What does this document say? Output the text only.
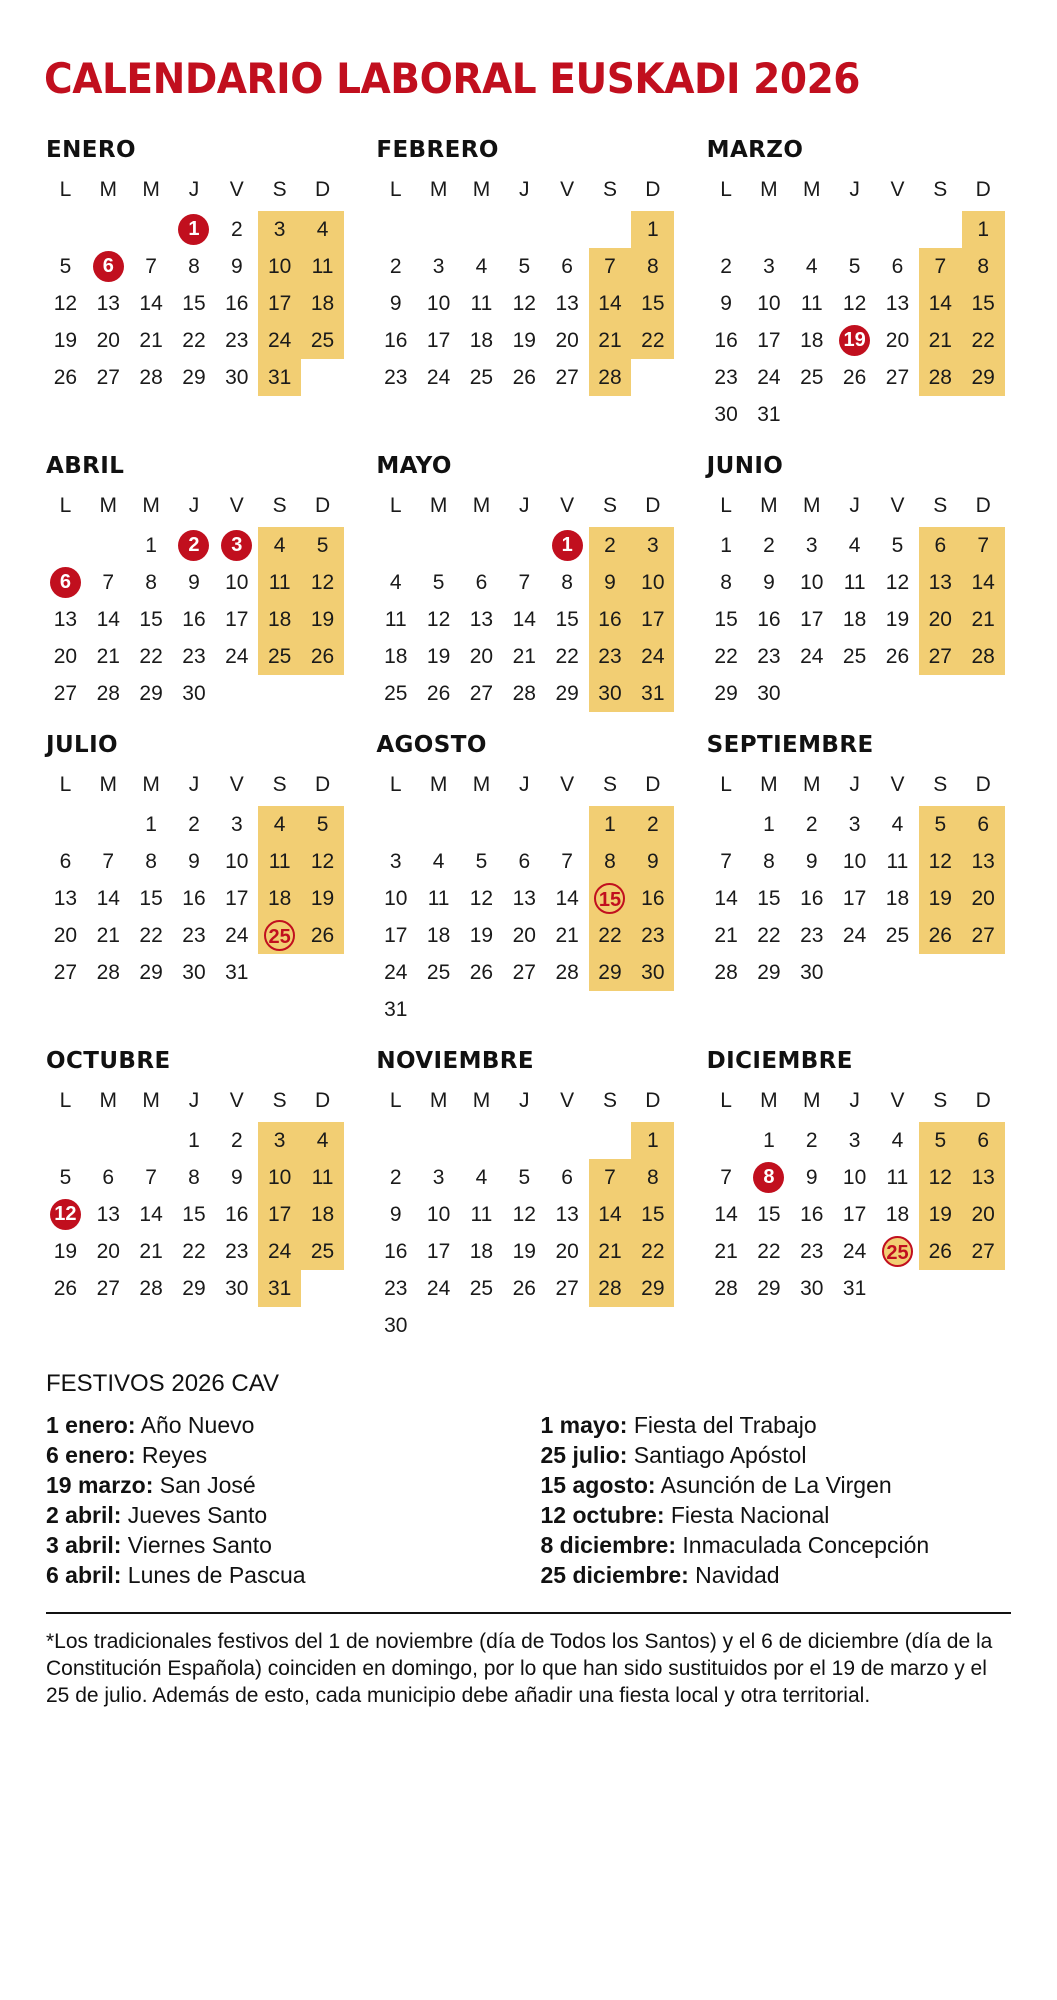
CALENDARIO LABORAL EUSKADI 2026
ENERO
L	M	M	J	V	S	D
			1	2	3	4
5	6	7	8	9	10	11
12	13	14	15	16	17	18
19	20	21	22	23	24	25
26	27	28	29	30	31	
FEBRERO
L	M	M	J	V	S	D
						1
2	3	4	5	6	7	8
9	10	11	12	13	14	15
16	17	18	19	20	21	22
23	24	25	26	27	28	
MARZO
L	M	M	J	V	S	D
						1
2	3	4	5	6	7	8
9	10	11	12	13	14	15
16	17	18	19	20	21	22
23	24	25	26	27	28	29
30	31					
ABRIL
L	M	M	J	V	S	D
		1	2	3	4	5
6	7	8	9	10	11	12
13	14	15	16	17	18	19
20	21	22	23	24	25	26
27	28	29	30			
MAYO
L	M	M	J	V	S	D
				1	2	3
4	5	6	7	8	9	10
11	12	13	14	15	16	17
18	19	20	21	22	23	24
25	26	27	28	29	30	31
JUNIO
L	M	M	J	V	S	D
1	2	3	4	5	6	7
8	9	10	11	12	13	14
15	16	17	18	19	20	21
22	23	24	25	26	27	28
29	30					
JULIO
L	M	M	J	V	S	D
		1	2	3	4	5
6	7	8	9	10	11	12
13	14	15	16	17	18	19
20	21	22	23	24	25	26
27	28	29	30	31		
AGOSTO
L	M	M	J	V	S	D
					1	2
3	4	5	6	7	8	9
10	11	12	13	14	15	16
17	18	19	20	21	22	23
24	25	26	27	28	29	30
31						
SEPTIEMBRE
L	M	M	J	V	S	D
	1	2	3	4	5	6
7	8	9	10	11	12	13
14	15	16	17	18	19	20
21	22	23	24	25	26	27
28	29	30				
OCTUBRE
L	M	M	J	V	S	D
			1	2	3	4
5	6	7	8	9	10	11
12	13	14	15	16	17	18
19	20	21	22	23	24	25
26	27	28	29	30	31	
NOVIEMBRE
L	M	M	J	V	S	D
						1
2	3	4	5	6	7	8
9	10	11	12	13	14	15
16	17	18	19	20	21	22
23	24	25	26	27	28	29
30						
DICIEMBRE
L	M	M	J	V	S	D
	1	2	3	4	5	6
7	8	9	10	11	12	13
14	15	16	17	18	19	20
21	22	23	24	25	26	27
28	29	30	31			
FESTIVOS 2026 CAV
1 enero: Año Nuevo	1 mayo: Fiesta del Trabajo
6 enero: Reyes	25 julio: Santiago Apóstol
19 marzo: San José	15 agosto: Asunción de La Virgen
2 abril: Jueves Santo	12 octubre: Fiesta Nacional
3 abril: Viernes Santo	8 diciembre: Inmaculada Concepción
6 abril: Lunes de Pascua	25 diciembre: Navidad
*Los tradicionales festivos del 1 de noviembre (día de Todos los Santos) y el 6 de diciembre (día de la Constitución Española) coinciden en domingo, por lo que han sido sustituidos por el 19 de marzo y el 25 de julio. Además de esto, cada municipio debe añadir una fiesta local y otra territorial.
